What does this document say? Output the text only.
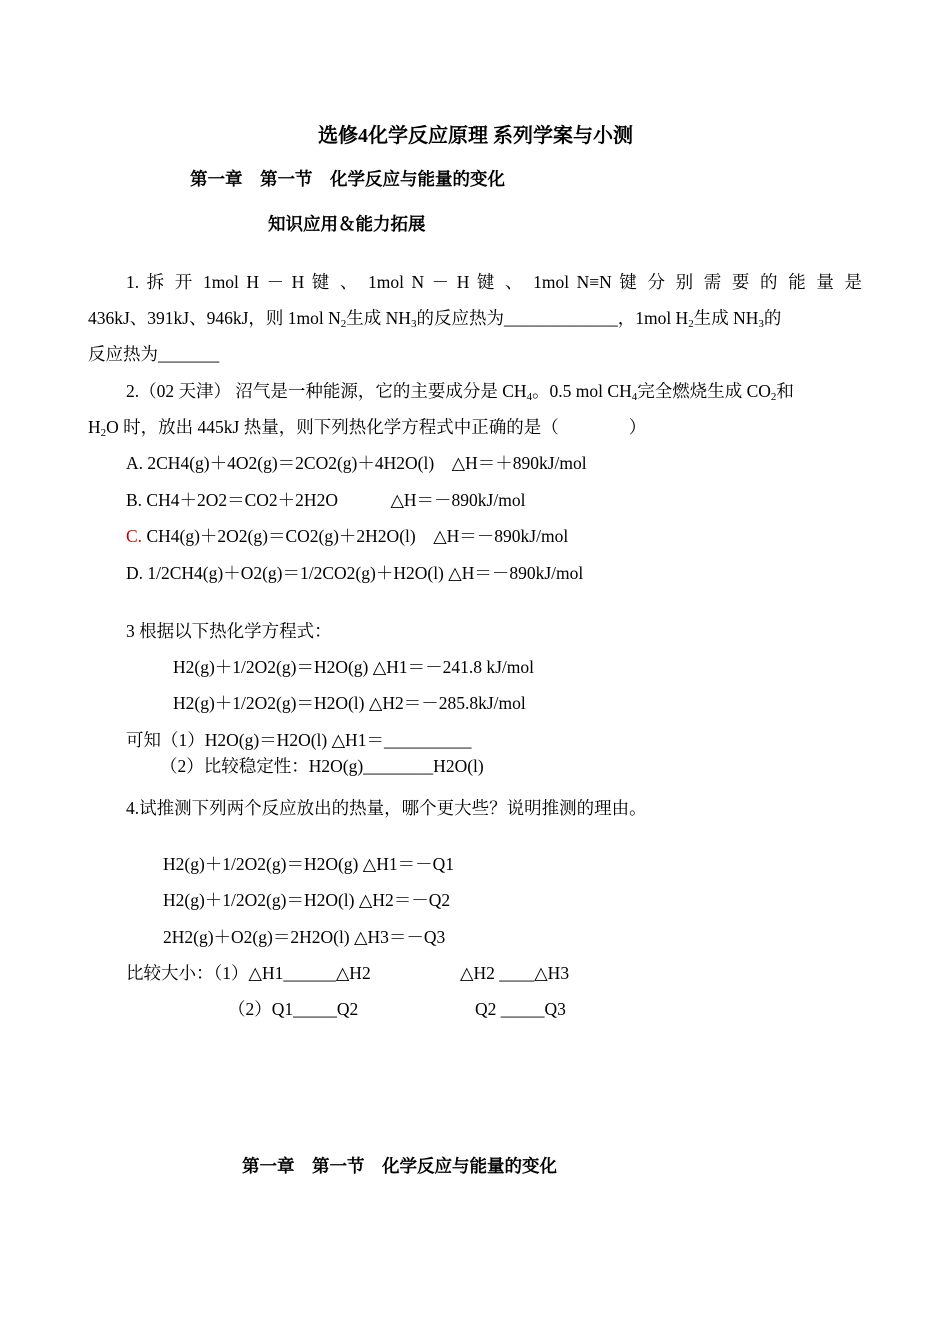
选修4化学反应原理 系列学案与小测
第一章　第一节　化学反应与能量的变化
知识应用＆能力拓展
1. 拆 开 1mol H － H 键 、 1mol N － H 键 、 1mol N≡N 键 分 别 需 要 的 能 量 是
436kJ、391kJ、946kJ，则 1mol $N_2$生成 $NH_3$的反应热为_____________，1mol $H_2$生成 $NH_3$的
反应热为_______
2.（02 天津） 沼气是一种能源，它的主要成分是 $CH_4$。0.5 mol $CH_4$完全燃烧生成 $CO_2$和
$H_2O$ 时，放出 445kJ 热量，则下列热化学方程式中正确的是（　　　　）
A. 2CH4(g)＋4O2(g)＝2CO2(g)＋4H2O(l)　△H＝＋890kJ/mol
B. CH4＋2O2＝CO2＋2H2O　　　△H＝－890kJ/mol
C. CH4(g)＋2O2(g)＝CO2(g)＋2H2O(l)　△H＝－890kJ/mol
D. 1/2CH4(g)＋O2(g)＝1/2CO2(g)＋H2O(l) △H＝－890kJ/mol
3 根据以下热化学方程式：
H2(g)＋1/2O2(g)＝H2O(g) △H1＝－241.8 kJ/mol
H2(g)＋1/2O2(g)＝H2O(l) △H2＝－285.8kJ/mol
可知（1）H2O(g)＝H2O(l) △H1＝__________
（2）比较稳定性：H2O(g)________H2O(l)
4.试推测下列两个反应放出的热量，哪个更大些？说明推测的理由。
H2(g)＋1/2O2(g)＝H2O(g) △H1＝－Q1
H2(g)＋1/2O2(g)＝H2O(l) △H2＝－Q2
2H2(g)＋O2(g)＝2H2O(l) △H3＝－Q3
比较大小：（1）△H1______△H2	△H2 ____△H3
（2）Q1_____Q2	Q2 _____Q3
第一章　第一节　化学反应与能量的变化
